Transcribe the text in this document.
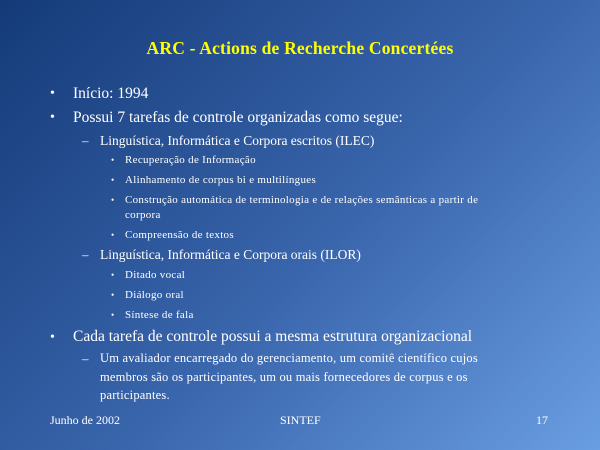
ARC - Actions de Recherche Concertées
• Início: 1994
• Possui 7 tarefas de controle organizadas como segue:
– Linguística, Informática e Corpora escritos (ILEC)
• Recuperação de Informação
• Alinhamento de corpus bi e multilíngues
• Construção automática de terminologia e de relações semânticas a partir de
corpora
• Compreensão de textos
– Linguística, Informática e Corpora orais (ILOR)
• Ditado vocal
• Diálogo oral
• Síntese de fala
• Cada tarefa de controle possui a mesma estrutura organizacional
– Um avaliador encarregado do gerenciamento, um comitê científico cujos
membros são os participantes, um ou mais fornecedores de corpus e os
participantes.
Junho de 2002	SINTEF	17
